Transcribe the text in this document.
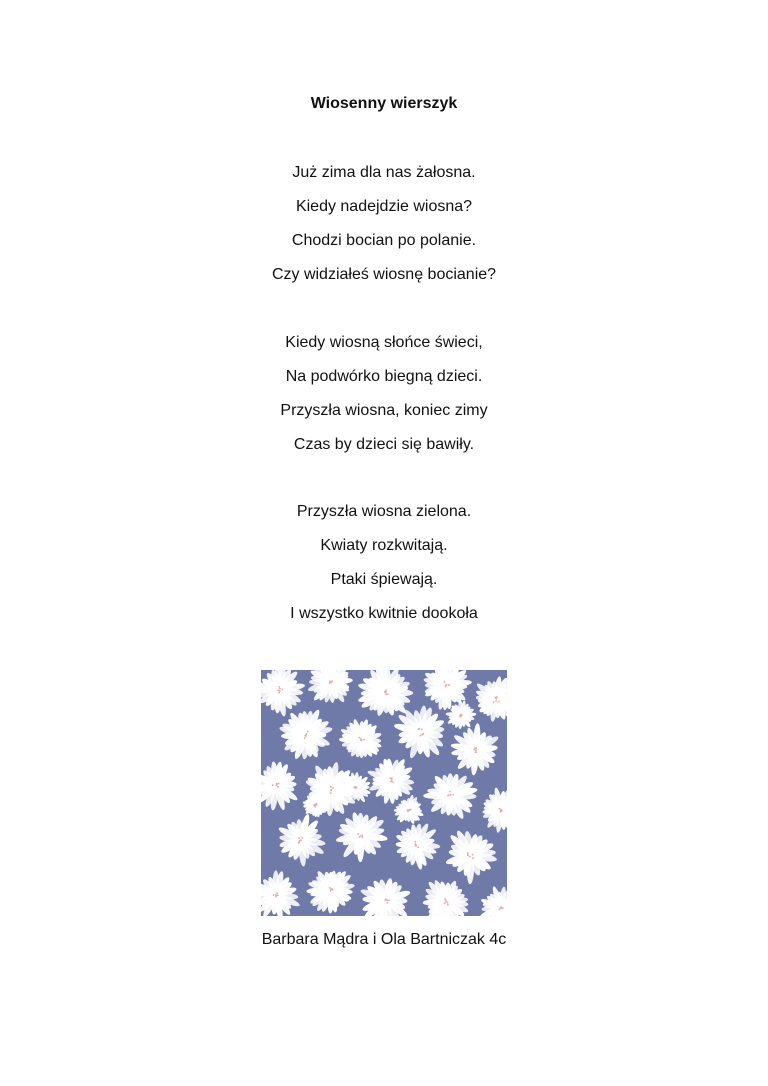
Wiosenny wierszyk
Już zima dla nas żałosna.
Kiedy nadejdzie wiosna?
Chodzi bocian po polanie.
Czy widziałeś wiosnę bocianie?
Kiedy wiosną słońce świeci,
Na podwórko biegną dzieci.
Przyszła wiosna, koniec zimy
Czas by dzieci się bawiły.
Przyszła wiosna zielona.
Kwiaty rozkwitają.
Ptaki śpiewają.
I wszystko kwitnie dookoła
Barbara Mądra i Ola Bartniczak 4c
